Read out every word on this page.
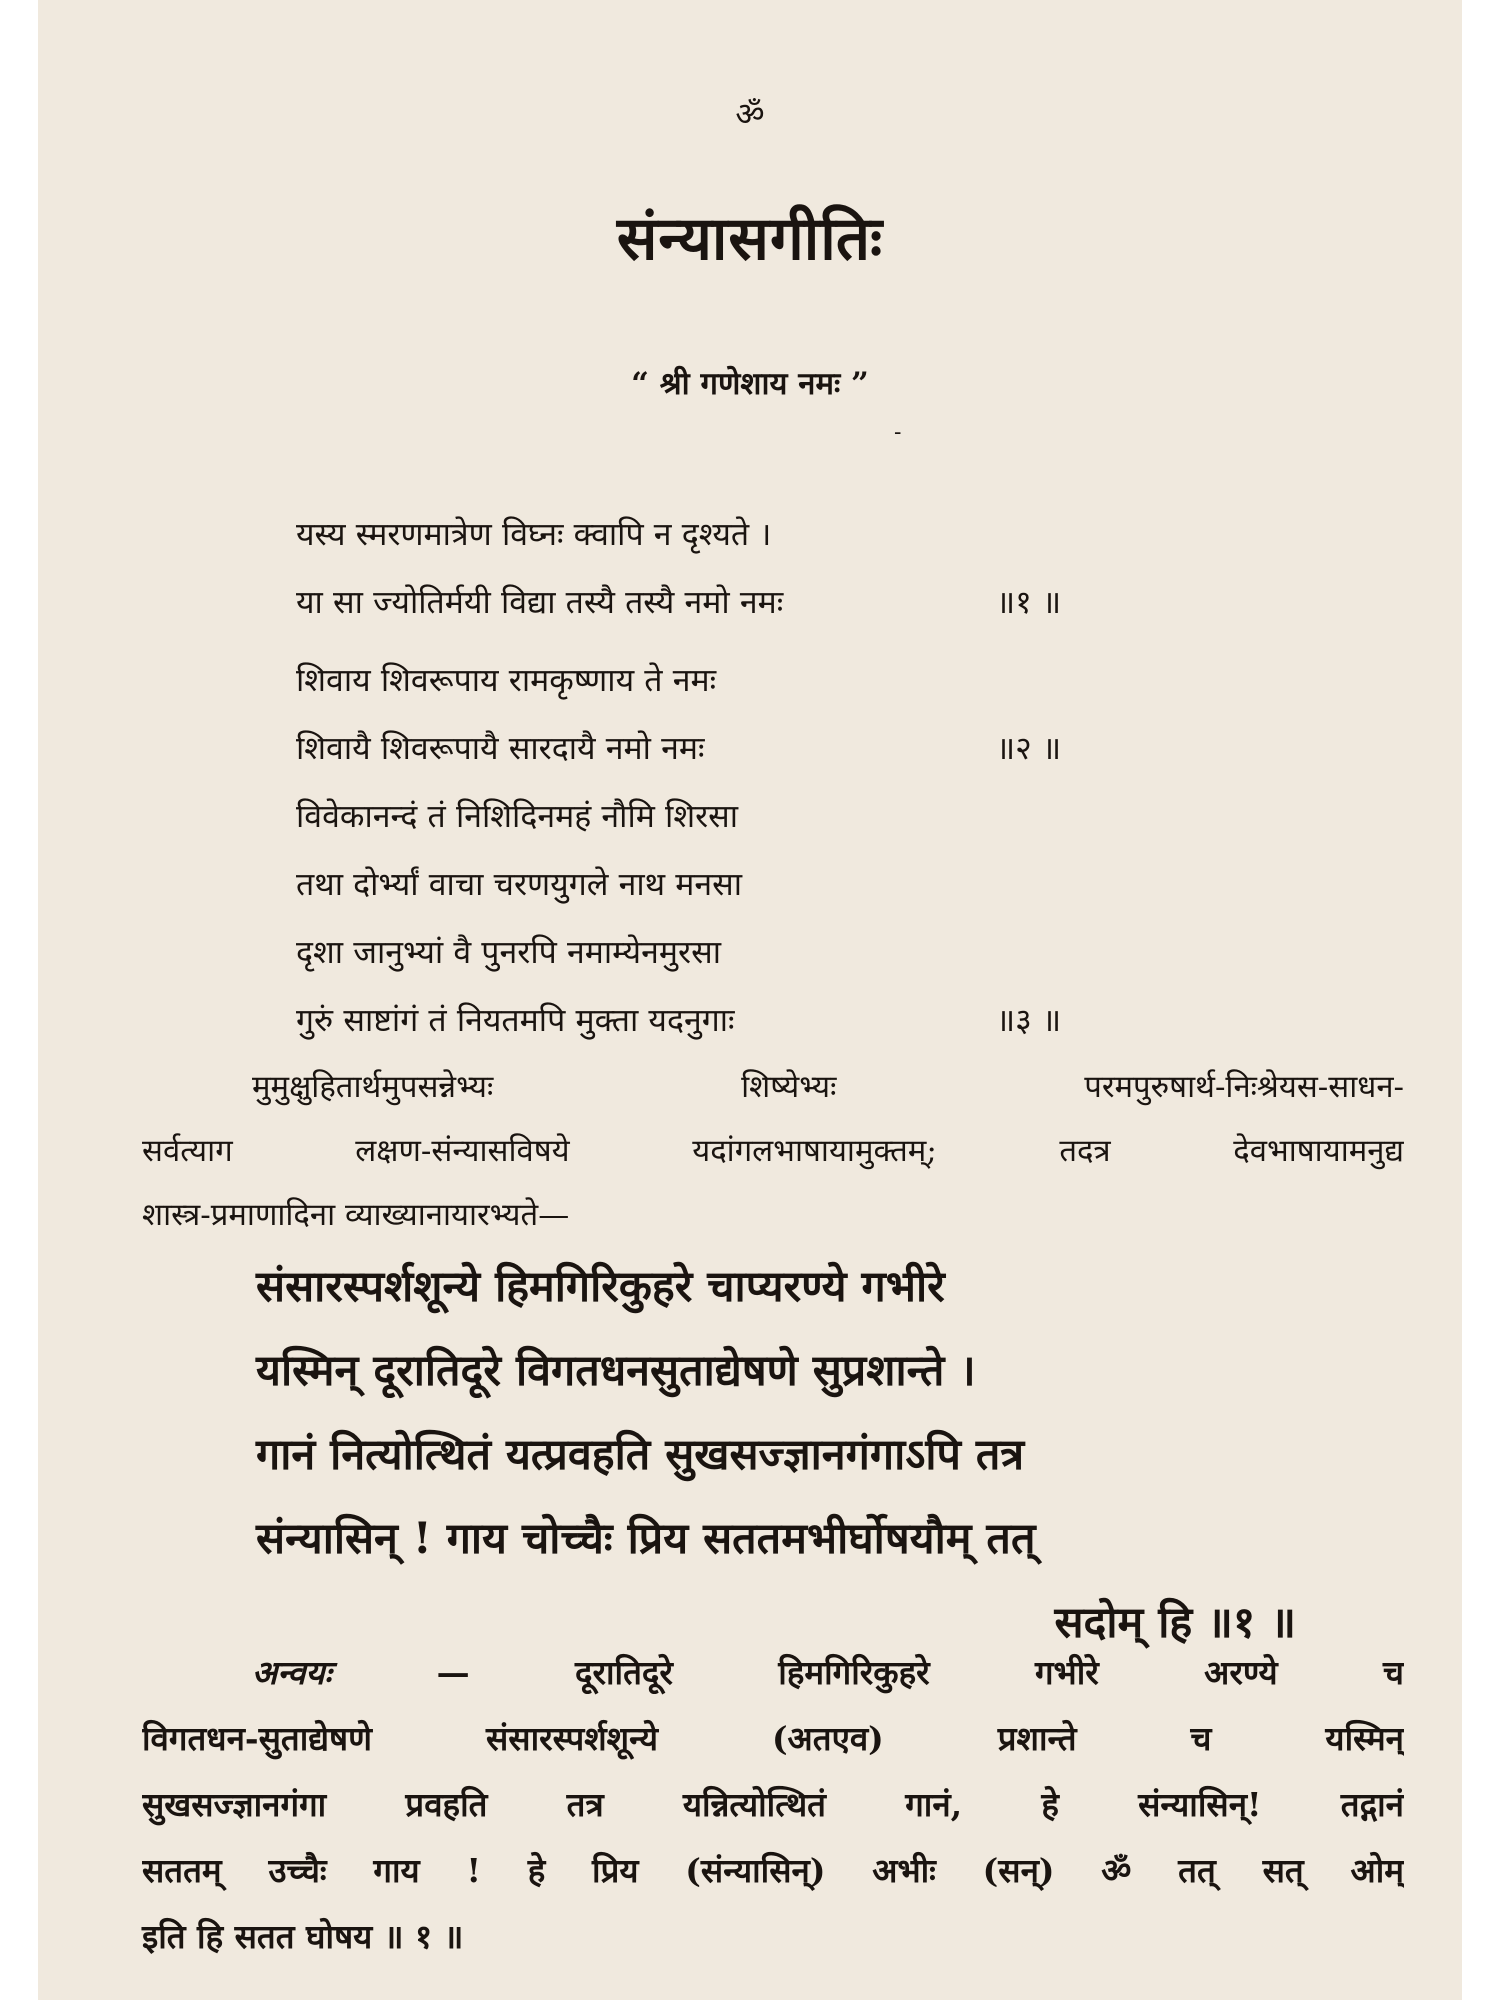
ॐ
संन्यासगीतिः
“ श्री गणेशाय नमः ”
-
यस्य स्मरणमात्रेण विघ्नः क्वापि न दृश्यते ।
या सा ज्योतिर्मयी विद्या तस्यै तस्यै नमो नमः	॥१ ॥
शिवाय शिवरूपाय रामकृष्णाय ते नमः
शिवायै शिवरूपायै सारदायै नमो नमः	॥२ ॥
विवेकानन्दं तं निशिदिनमहं नौमि शिरसा
तथा दोर्भ्यां वाचा चरणयुगले नाथ मनसा
दृशा जानुभ्यां वै पुनरपि नमाम्येनमुरसा
गुरुं साष्टांगं तं नियतमपि मुक्ता यदनुगाः	॥३ ॥
मुमुक्षुहितार्थमुपसन्नेभ्यः शिष्येभ्यः परमपुरुषार्थ-निःश्रेयस-साधन-
सर्वत्याग लक्षण-संन्यासविषये यदांगलभाषायामुक्तम्; तदत्र देवभाषायामनुद्य
शास्त्र-प्रमाणादिना व्याख्यानायारभ्यते—
संसारस्पर्शशून्ये हिमगिरिकुहरे चाप्यरण्ये गभीरे
यस्मिन् दूरातिदूरे विगतधनसुताद्येषणे सुप्रशान्ते ।
गानं नित्योत्थितं यत्प्रवहति सुखसज्ज्ञानगंगाऽपि तत्र
संन्यासिन् ! गाय चोच्चैः प्रिय सततमभीर्घोषयौम् तत्
सदोम् हि ॥१ ॥
अन्वयः	— दूरातिदूरे हिमगिरिकुहरे गभीरे अरण्ये च
विगतधन-सुताद्येषणे संसारस्पर्शशून्ये (अतएव) प्रशान्ते च यस्मिन्
सुखसज्ज्ञानगंगा प्रवहति तत्र यन्नित्योत्थितं गानं, हे संन्यासिन्! तद्गानं
सततम् उच्चैः गाय ! हे प्रिय (संन्यासिन्) अभीः (सन्) ॐ तत् सत् ओम्
इति हि सतत घोषय ॥ १ ॥
